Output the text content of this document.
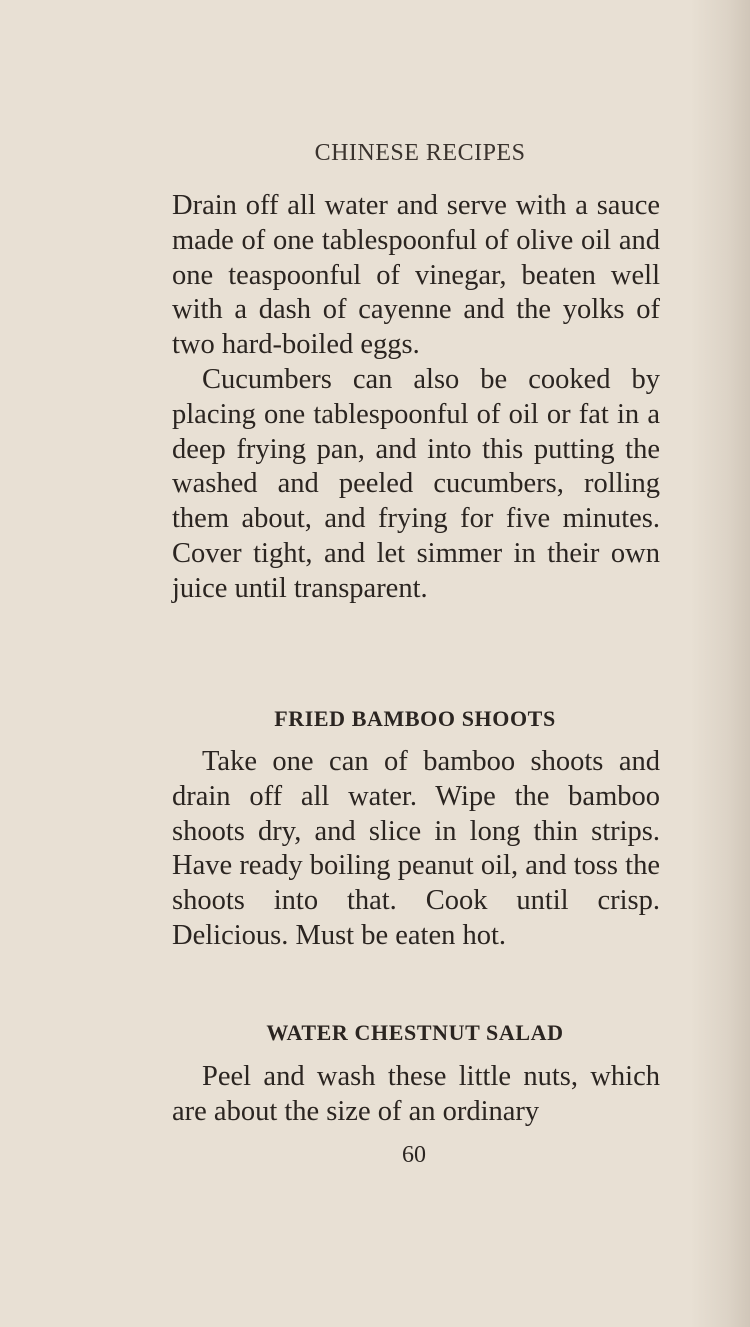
CHINESE RECIPES

Drain off all water and serve with a sauce made of one tablespoonful of olive oil and one teaspoonful of vinegar, beaten well with a dash of cayenne and the yolks of two hard-boiled eggs.

Cucumbers can also be cooked by placing one tablespoonful of oil or fat in a deep frying pan, and into this putting the washed and peeled cucumbers, rolling them about, and frying for five minutes. Cover tight, and let simmer in their own juice until transparent.

FRIED BAMBOO SHOOTS

Take one can of bamboo shoots and drain off all water. Wipe the bamboo shoots dry, and slice in long thin strips. Have ready boiling peanut oil, and toss the shoots into that. Cook until crisp. Delicious. Must be eaten hot.

WATER CHESTNUT SALAD

Peel and wash these little nuts, which are about the size of an ordinary

60
